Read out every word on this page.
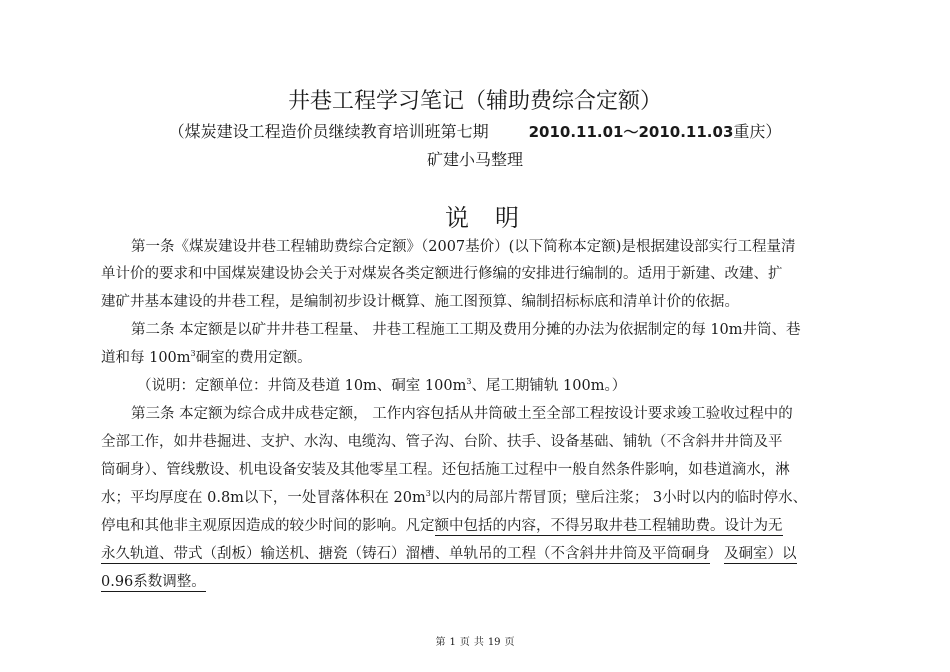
井巷工程学习笔记（辅助费综合定额）
（煤炭建设工程造价员继续教育培训班第七期	2010.11.01～2010.11.03重庆）
矿建小马整理
说明
第一条《煤炭建设井巷工程辅助费综合定额》（2007基价）(以下简称本定额)是根据建设部实行工程量清
单计价的要求和中国煤炭建设协会关于对煤炭各类定额进行修编的安排进行编制的。适用于新建、改建、扩
建矿井基本建设的井巷工程，是编制初步设计概算、施工图预算、编制招标标底和清单计价的依据。
第二条 本定额是以矿井井巷工程量、 井巷工程施工工期及费用分摊的办法为依据制定的每 10m井筒、巷
道和每 $100m^3$硐室的费用定额。
（说明：定额单位：井筒及巷道 10m、硐室 $100m^3$、尾工期铺轨 100m。）
第三条 本定额为综合成井成巷定额， 工作内容包括从井筒破土至全部工程按设计要求竣工验收过程中的
全部工作，如井巷掘进、支护、水沟、电缆沟、管子沟、台阶、扶手、设备基础、铺轨（不含斜井井筒及平
筒硐身）、管线敷设、机电设备安装及其他零星工程。还包括施工过程中一般自然条件影响，如巷道滴水，淋
水；平均厚度在 0.8m以下，一处冒落体积在 $20m^3$以内的局部片帮冒顶；壁后注浆； 3小时以内的临时停水、
停电和其他非主观原因造成的较少时间的影响。凡定额中包括的内容，不得另取井巷工程辅助费。设计为无
永久轨道、带式（刮板）输送机、搪瓷（铸石）溜槽、单轨吊的工程（不含斜井井筒及平筒硐身 及硐室）以
0.96系数调整。
第 1 页 共 19 页
